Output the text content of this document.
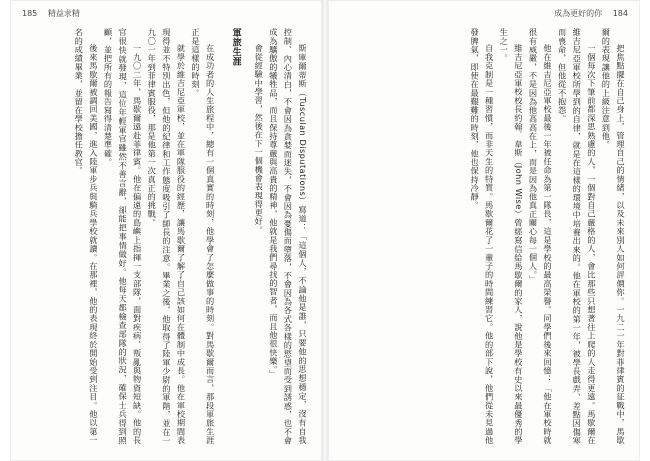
185 精益求精

斯庫爾蒂斯（Tusculan Disputations）寫道：「這個人，不論他是誰，只要他的思想穩定，沒有自我控制、內心清白，不會因為貪婪而迷失，不會因為憂傷而墮落，不會因為各式各樣的慾望而受到誘惑，也不會成為驕傲的犧牲品，而且保持尊嚴與高貴的精神，他就是我們尋找的智者，而且他很快樂。」

會從經驗中學習，然後在下一個機會表現得更好。

軍旅生涯

在成功者的人生旅程中，總有一個真實的時刻，他學會了怎麼做事的時刻。對馬歇爾而言，那段軍旅生涯正是這樣的時刻。

就學於維吉尼亞軍校，並在軍隊服役的經歷，讓馬歇爾了解了自己該如何在體制中成長。他在軍校期間表現得並不特別出色，但他的紀律和工作態度吸引了師長的注意。畢業之後，他取得了陸軍少尉的軍階，並在一九〇一年到菲律賓服役，那是他第一次真正的挑戰。

一九〇二年，馬歇爾遠赴菲律賓。他在偏遠的島嶼上指揮一支部隊，面對疾病、叛亂與物資短缺。他的長官很快就發現，這位年輕軍官雖然不善言辭，卻能把事情做好。他每天都檢查部隊的狀況，確保士兵得到照顧，並把所有的報告寫得清楚準確。

後來馬歇爾被調回美國，進入陸軍步兵與騎兵學校就讀。在那裡，他的表現終於開始受到注目。他以第一名的成績畢業，並留在學校擔任教官。

成為更好的你 184

把焦點擺在自己身上，管理自己的情緒，以及未來別人如何評價你。一九二一年對菲律賓的征戰中，馬歇爾的表現讓他的上級注意到他。

一個每次下筆前都深思熟慮的人，一個對自己嚴格的人，會比那些只想著往上爬的人走得更遠。馬歇爾在維吉尼亞軍校所學到的自律，就是在這樣的環境中培養出來的。他在軍校的第一年，被學長戲弄、差點因傷寒而喪命，但他從不抱怨。

他在維吉尼亞軍校最後一年被任命為第一隊長，這是學校的最高榮譽。同學們後來回憶：「他在軍校時就很有威嚴，不是因為他高高在上，而是因為他真正關心每一個人。」

維吉尼亞軍校校長約翰．韋斯（John Wise）曾經寫信給馬歇爾的家人，說他是學校有史以來最優秀的學生之一。

自我克制是一種習慣，而非天生的特質。馬歇爾花了一輩子的時間練習它。他的部下說，他們從未見過他發脾氣，即使在最艱難的時刻，他也保持冷靜。
